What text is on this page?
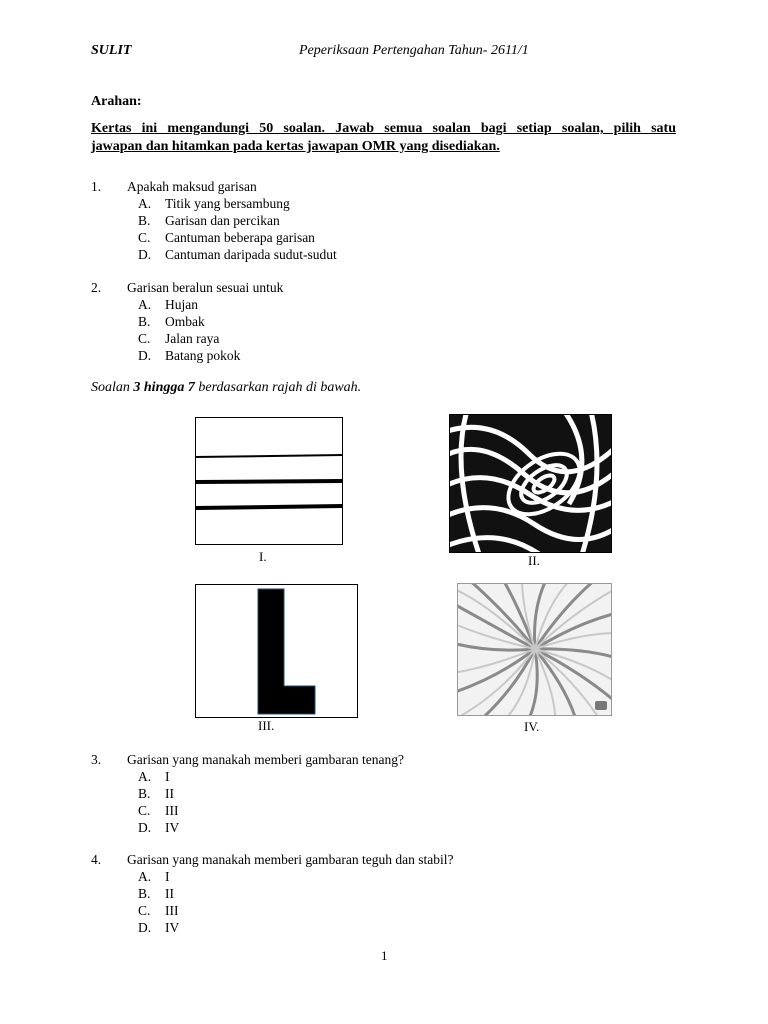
SULIT	Peperiksaan Pertengahan Tahun- 2611/1
Arahan:
Kertas ini mengandungi 50 soalan. Jawab semua soalan bagi setiap soalan, pilih satu
jawapan dan hitamkan pada kertas jawapan OMR yang disediakan.
1. Apakah maksud garisan
A. Titik yang bersambung
B. Garisan dan percikan
C. Cantuman beberapa garisan
D. Cantuman daripada sudut-sudut
2. Garisan beralun sesuai untuk
A. Hujan
B. Ombak
C. Jalan raya
D. Batang pokok
Soalan 3 hingga 7 berdasarkan rajah di bawah.
I.	II.
III.	IV.
3. Garisan yang manakah memberi gambaran tenang?
A. I
B. II
C. III
D. IV
4. Garisan yang manakah memberi gambaran teguh dan stabil?
A. I
B. II
C. III
D. IV
1
